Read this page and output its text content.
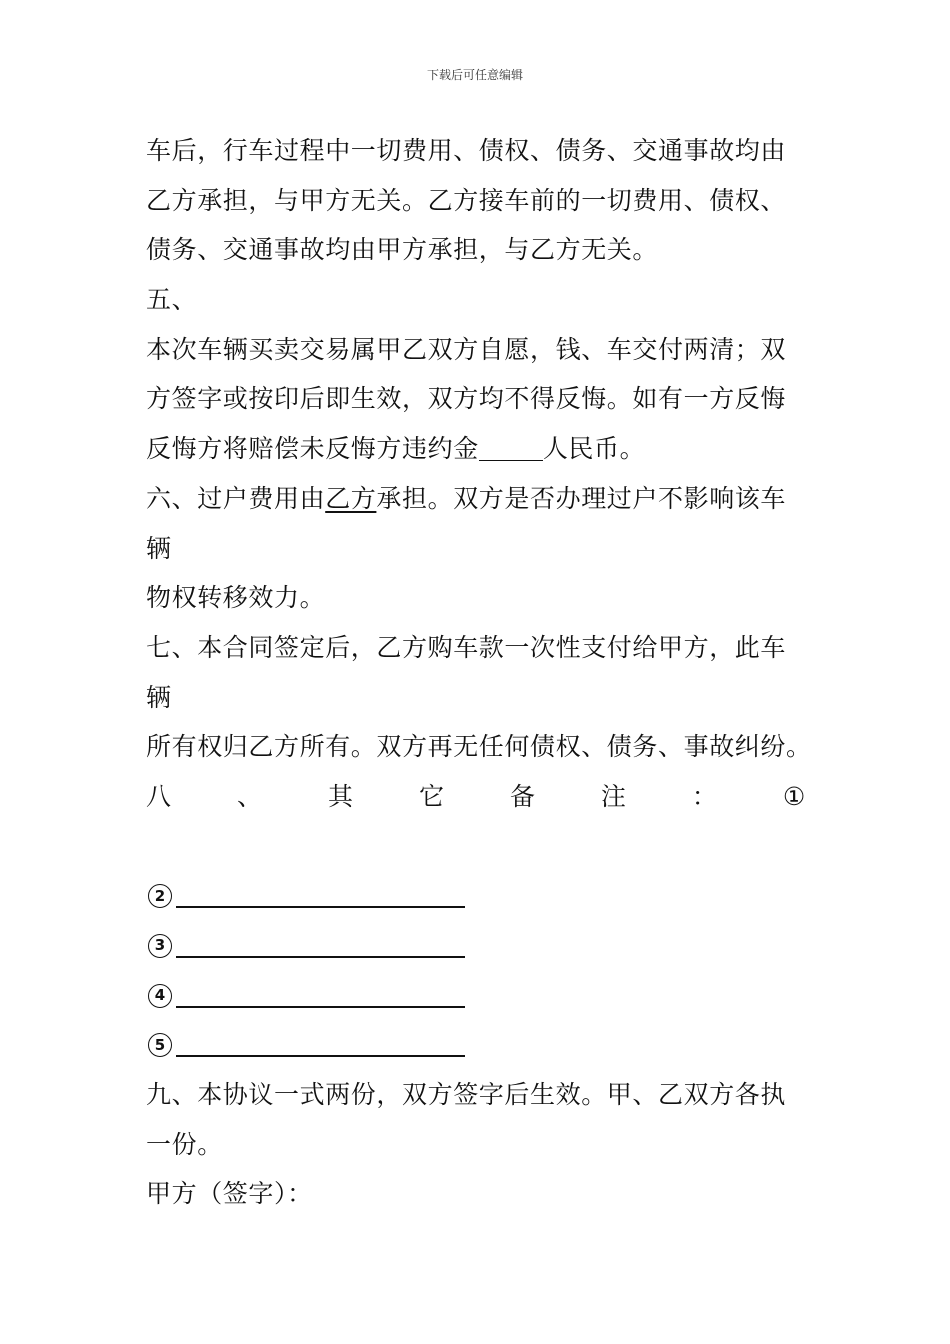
下载后可任意编辑
车后，行车过程中一切费用、债权、债务、交通事故均由
乙方承担，与甲方无关。乙方接车前的一切费用、债权、
债务、交通事故均由甲方承担，与乙方无关。
五、
本次车辆买卖交易属甲乙双方自愿，钱、车交付两清；双
方签字或按印后即生效，双方均不得反悔。如有一方反悔
反悔方将赔偿未反悔方违约金	人民币。
六、过户费用由乙方承担。双方是否办理过户不影响该车
辆
物权转移效力。
七、本合同签定后，乙方购车款一次性支付给甲方，此车
辆
所有权归乙方所有。双方再无任何债权、债务、事故纠纷。
八	、	其	它	备	注	：	①
2
3
4
5
九、本协议一式两份，双方签字后生效。甲、乙双方各执
一份。
甲方（签字）：
